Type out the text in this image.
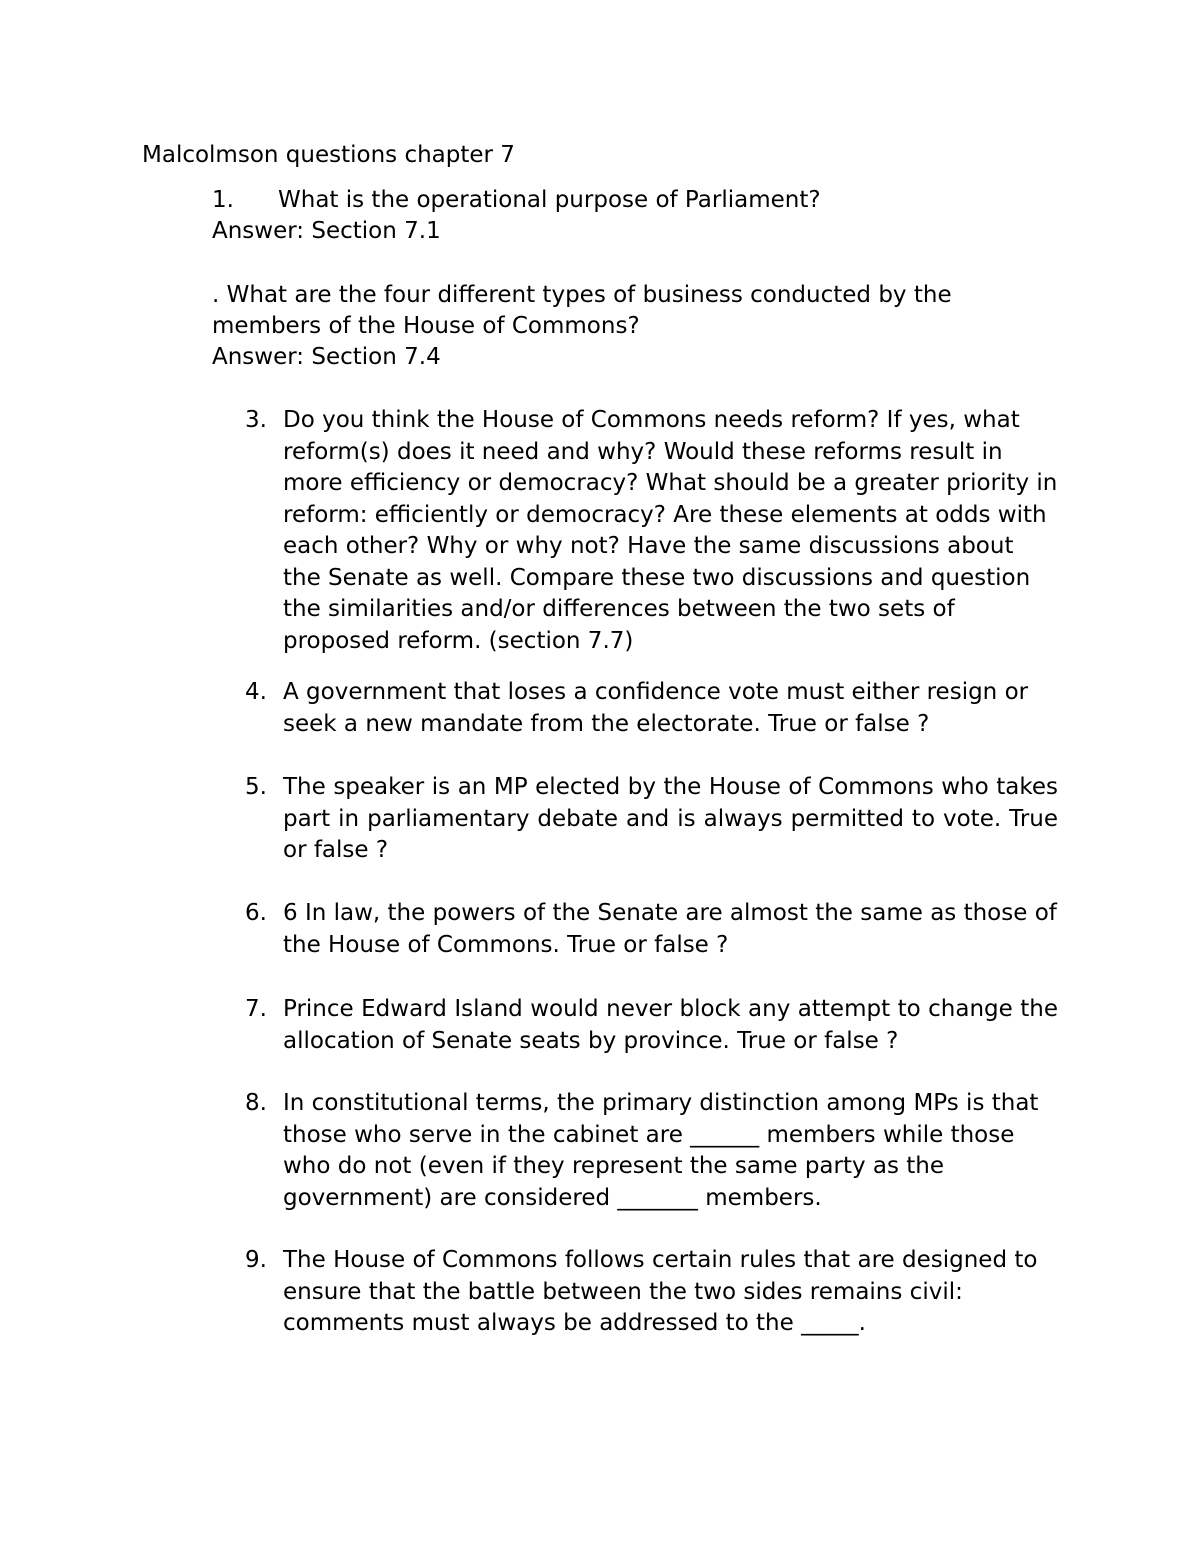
Malcolmson questions chapter 7
1. What is the operational purpose of Parliament?
Answer: Section 7.1
. What are the four different types of business conducted by the
members of the House of Commons?
Answer: Section 7.4
3. Do you think the House of Commons needs reform? If yes, what reform(s) does it need and why? Would these reforms result in more efficiency or democracy? What should be a greater priority in reform: efficiently or democracy? Are these elements at odds with each other? Why or why not? Have the same discussions about the Senate as well. Compare these two discussions and question the similarities and/or differences between the two sets of proposed reform. (section 7.7)
4. A government that loses a confidence vote must either resign or seek a new mandate from the electorate. True or false ?
5. The speaker is an MP elected by the House of Commons who takes part in parliamentary debate and is always permitted to vote. True or false ?
6. 6 In law, the powers of the Senate are almost the same as those of the House of Commons. True or false ?
7. Prince Edward Island would never block any attempt to change the allocation of Senate seats by province. True or false ?
8. In constitutional terms, the primary distinction among MPs is that those who serve in the cabinet are ______ members while those who do not (even if they represent the same party as the government) are considered _______ members.
9. The House of Commons follows certain rules that are designed to ensure that the battle between the two sides remains civil: comments must always be addressed to the _____.
